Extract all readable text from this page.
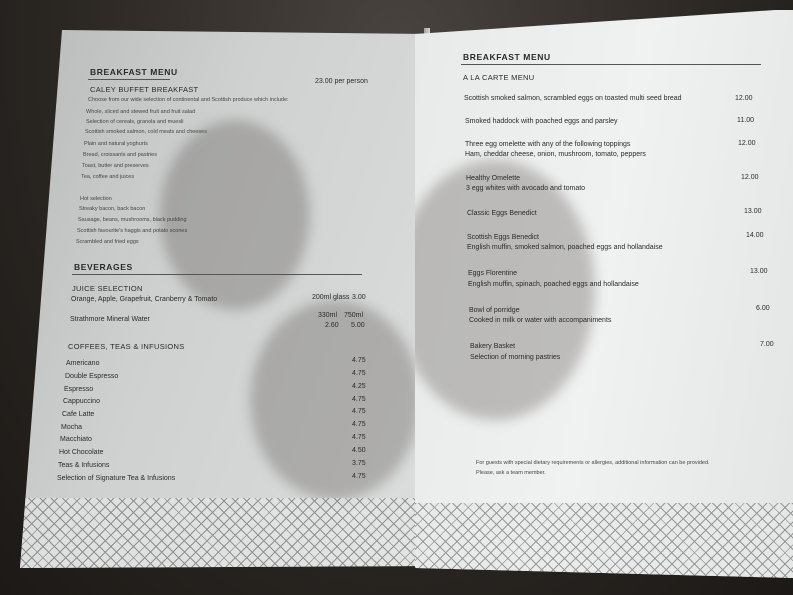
BREAKFAST MENU
CALEY BUFFET BREAKFAST
23.00 per person
Choose from our wide selection of continental and Scottish produce which include:
Whole, sliced and stewed fruit and fruit salad
Selection of cereals, granola and muesli
Scottish smoked salmon, cold meats and cheeses
Plain and natural yoghurts
Bread, croissants and pastries
Toast, butter and preserves
Tea, coffee and juices
Hot selection
Streaky bacon, back bacon
Sausage, beans, mushrooms, black pudding
Scottish favourite's haggis and potato scones
Scrambled and fried eggs
BEVERAGES
JUICE SELECTION
Orange, Apple, Grapefruit, Cranberry & Tomato	200ml glass 3.00
Strathmore Mineral Water
330ml 750ml
2.60 5.00
COFFEES, TEAS & INFUSIONS
Americano	4.75
Double Espresso	4.75
Espresso	4.25
Cappuccino	4.75
Cafe Latte	4.75
Mocha	4.75
Macchiato	4.75
Hot Chocolate	4.50
Teas & Infusions	3.75
Selection of Signature Tea & Infusions	4.75
BREAKFAST MENU
A LA CARTE MENU
Scottish smoked salmon, scrambled eggs on toasted multi seed bread	12.00
Smoked haddock with poached eggs and parsley	11.00
Three egg omelette with any of the following toppings
Ham, cheddar cheese, onion, mushroom, tomato, peppers
12.00
Healthy Omelette
3 egg whites with avocado and tomato
12.00
Classic Eggs Benedict	13.00
Scottish Eggs Benedict
English muffin, smoked salmon, poached eggs and hollandaise
14.00
Eggs Florentine
English muffin, spinach, poached eggs and hollandaise
13.00
Bowl of porridge
Cooked in milk or water with accompaniments
6.00
Bakery Basket
Selection of morning pastries
7.00
For guests with special dietary requirements or allergies, additional information can be provided.
Please, ask a team member.
